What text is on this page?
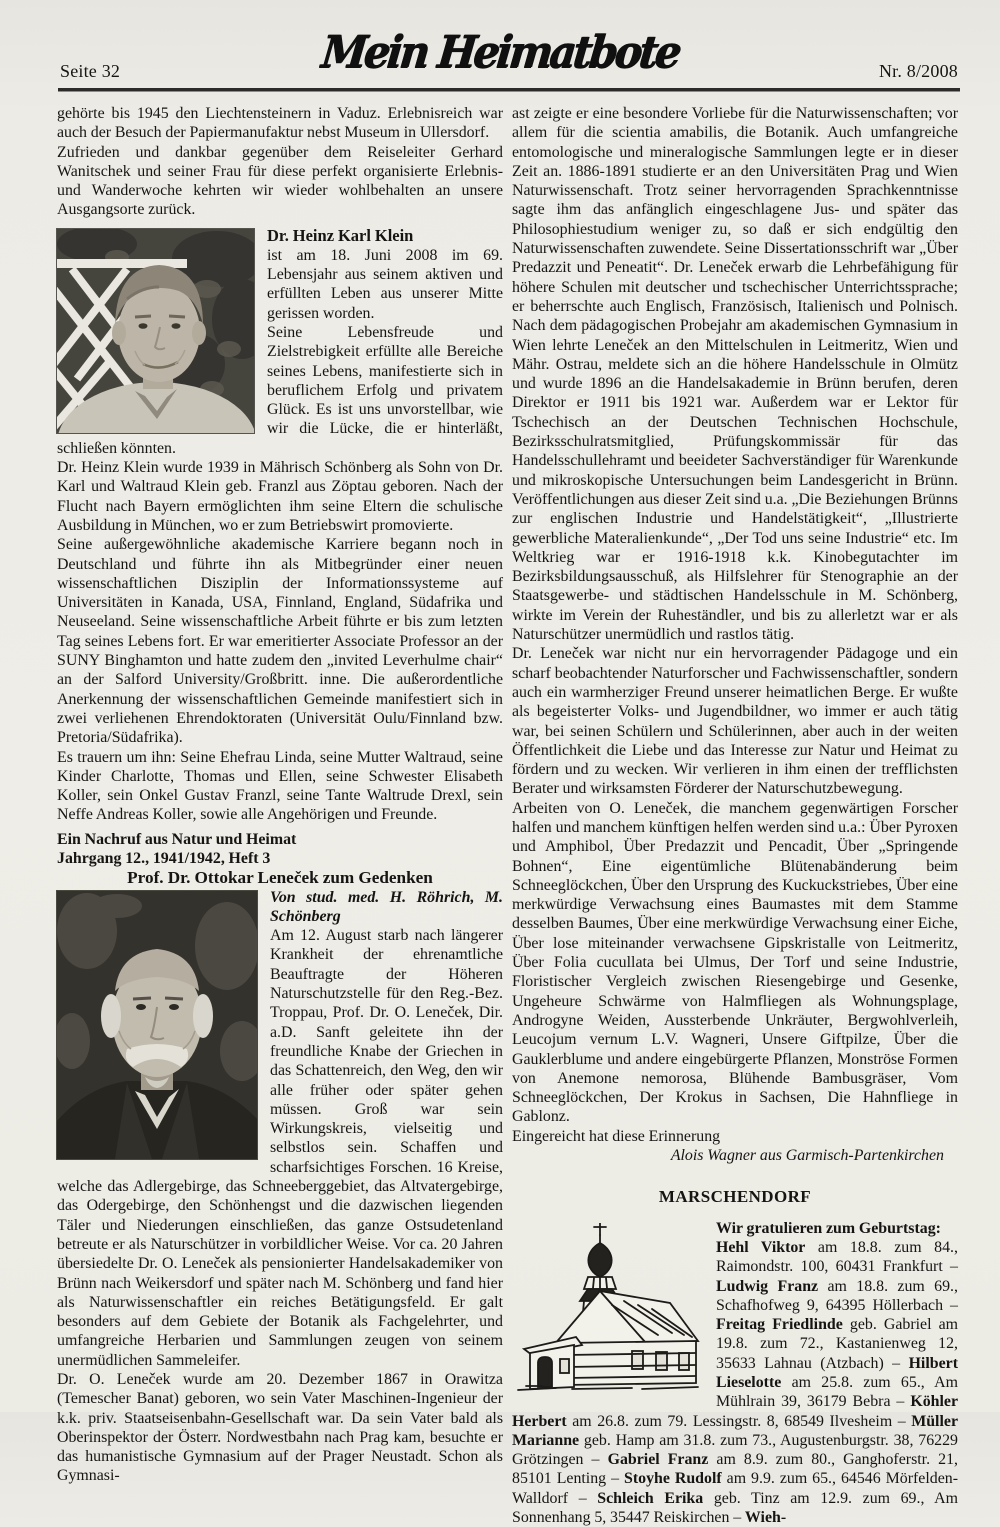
Seite 32	Mein Heimatbote	Nr. 8/2008

gehörte bis 1945 den Liechtensteinern in Vaduz. Erlebnisreich war auch der Besuch der Papiermanufaktur nebst Museum in Ullersdorf.

Zufrieden und dankbar gegenüber dem Reiseleiter Gerhard Wanitschek und seiner Frau für diese perfekt organisierte Erlebnis- und Wanderwoche kehrten wir wieder wohlbehalten an unsere Ausgangsorte zurück.

Dr. Heinz Karl Klein

ist am 18. Juni 2008 im 69. Lebensjahr aus seinem aktiven und erfüllten Leben aus unserer Mitte gerissen worden.

Seine Lebensfreude und Zielstrebigkeit erfüllte alle Bereiche seines Lebens, manifestierte sich in beruflichem Erfolg und privatem Glück. Es ist uns unvorstellbar, wie wir die Lücke, die er hinterläßt, schließen könnten.

Dr. Heinz Klein wurde 1939 in Mährisch Schönberg als Sohn von Dr. Karl und Waltraud Klein geb. Franzl aus Zöptau geboren. Nach der Flucht nach Bayern ermöglichten ihm seine Eltern die schulische Ausbildung in München, wo er zum Betriebswirt promovierte.

Seine außergewöhnliche akademische Karriere begann noch in Deutschland und führte ihn als Mitbegründer einer neuen wissenschaftlichen Disziplin der Informationssysteme auf Universitäten in Kanada, USA, Finnland, England, Südafrika und Neuseeland. Seine wissenschaftliche Arbeit führte er bis zum letzten Tag seines Lebens fort. Er war emeritierter Associate Professor an der SUNY Binghamton und hatte zudem den „invited Leverhulme chair“ an der Salford University/Großbritt. inne. Die außerordentliche Anerkennung der wissenschaftlichen Gemeinde manifestiert sich in zwei verliehenen Ehrendoktoraten (Universität Oulu/Finnland bzw. Pretoria/Südafrika).

Es trauern um ihn: Seine Ehefrau Linda, seine Mutter Waltraud, seine Kinder Charlotte, Thomas und Ellen, seine Schwester Elisabeth Koller, sein Onkel Gustav Franzl, seine Tante Waltrude Drexl, sein Neffe Andreas Koller, sowie alle Angehörigen und Freunde.

Ein Nachruf aus Natur und Heimat

Jahrgang 12., 1941/1942, Heft 3

Prof. Dr. Ottokar Leneček zum Gedenken

Von stud. med. H. Röhrich, M. Schönberg

Am 12. August starb nach längerer Krankheit der ehrenamtliche Beauftragte der Höheren Naturschutzstelle für den Reg.-Bez. Troppau, Prof. Dr. O. Leneček, Dir. a.D. Sanft geleitete ihn der freundliche Knabe der Griechen in das Schattenreich, den Weg, den wir alle früher oder später gehen müssen. Groß war sein Wirkungskreis, vielseitig und selbstlos sein. Schaffen und scharfsichtiges Forschen. 16 Kreise, welche das Adlergebirge, das Schneeberggebiet, das Altvatergebirge, das Odergebirge, den Schönhengst und die dazwischen liegenden Täler und Niederungen einschließen, das ganze Ostsudetenland betreute er als Naturschützer in vorbildlicher Weise. Vor ca. 20 Jahren übersiedelte Dr. O. Leneček als pensionierter Handelsakademiker von Brünn nach Weikersdorf und später nach M. Schönberg und fand hier als Naturwissenschaftler ein reiches Betätigungsfeld. Er galt besonders auf dem Gebiete der Botanik als Fachgelehrter, und umfangreiche Herbarien und Sammlungen zeugen von seinem unermüdlichen Sammeleifer.

Dr. O. Leneček wurde am 20. Dezember 1867 in Orawitza (Temescher Banat) geboren, wo sein Vater Maschinen-Ingenieur der k.k. priv. Staatseisenbahn-Gesellschaft war. Da sein Vater bald als Oberinspektor der Österr. Nordwestbahn nach Prag kam, besuchte er das humanistische Gymnasium auf der Prager Neustadt. Schon als Gymnasi-

ast zeigte er eine besondere Vorliebe für die Naturwissenschaften; vor allem für die scientia amabilis, die Botanik. Auch umfangreiche entomologische und mineralogische Sammlungen legte er in dieser Zeit an. 1886-1891 studierte er an den Universitäten Prag und Wien Naturwissenschaft. Trotz seiner hervorragenden Sprachkenntnisse sagte ihm das anfänglich eingeschlagene Jus- und später das Philosophiestudium weniger zu, so daß er sich endgültig den Naturwissenschaften zuwendete. Seine Dissertationsschrift war „Über Predazzit und Peneatit“. Dr. Leneček erwarb die Lehrbefähigung für höhere Schulen mit deutscher und tschechischer Unterrichtssprache; er beherrschte auch Englisch, Französisch, Italienisch und Polnisch. Nach dem pädagogischen Probejahr am akademischen Gymnasium in Wien lehrte Leneček an den Mittelschulen in Leitmeritz, Wien und Mähr. Ostrau, meldete sich an die höhere Handelsschule in Olmütz und wurde 1896 an die Handelsakademie in Brünn berufen, deren Direktor er 1911 bis 1921 war. Außerdem war er Lektor für Tschechisch an der Deutschen Technischen Hochschule, Bezirksschulratsmitglied, Prüfungskommissär für das Handelsschullehramt und beeideter Sachverständiger für Warenkunde und mikroskopische Untersuchungen beim Landesgericht in Brünn. Veröffentlichungen aus dieser Zeit sind u.a. „Die Beziehungen Brünns zur englischen Industrie und Handelstätigkeit“, „Illustrierte gewerbliche Materalienkunde“, „Der Tod uns seine Industrie“ etc. Im Weltkrieg war er 1916-1918 k.k. Kinobegutachter im Bezirksbildungsausschuß, als Hilfslehrer für Stenographie an der Staatsgewerbe- und städtischen Handelsschule in M. Schönberg, wirkte im Verein der Ruheständler, und bis zu allerletzt war er als Naturschützer unermüdlich und rastlos tätig.

Dr. Leneček war nicht nur ein hervorragender Pädagoge und ein scharf beobachtender Naturforscher und Fachwissenschaftler, sondern auch ein warmherziger Freund unserer heimatlichen Berge. Er wußte als begeisterter Volks- und Jugendbildner, wo immer er auch tätig war, bei seinen Schülern und Schülerinnen, aber auch in der weiten Öffentlichkeit die Liebe und das Interesse zur Natur und Heimat zu fördern und zu wecken. Wir verlieren in ihm einen der trefflichsten Berater und wirksamsten Förderer der Naturschutzbewegung.

Arbeiten von O. Leneček, die manchem gegenwärtigen Forscher halfen und manchem künftigen helfen werden sind u.a.: Über Pyroxen und Amphibol, Über Predazzit und Pencadit, Über „Springende Bohnen“, Eine eigentümliche Blütenabänderung beim Schneeglöckchen, Über den Ursprung des Kuckuckstriebes, Über eine merkwürdige Verwachsung eines Baumastes mit dem Stamme desselben Baumes, Über eine merkwürdige Verwachsung einer Eiche, Über lose miteinander verwachsene Gipskristalle von Leitmeritz, Über Folia cucullata bei Ulmus, Der Torf und seine Industrie, Floristischer Vergleich zwischen Riesengebirge und Gesenke, Ungeheure Schwärme von Halmfliegen als Wohnungsplage, Androgyne Weiden, Aussterbende Unkräuter, Bergwohlverleih, Leucojum vernum L.V. Wagneri, Unsere Giftpilze, Über die Gauklerblume und andere eingebürgerte Pflanzen, Monströse Formen von Anemone nemorosa, Blühende Bambusgräser, Vom Schneeglöckchen, Der Krokus in Sachsen, Die Hahnfliege in Gablonz.

Eingereicht hat diese Erinnerung

Alois Wagner aus Garmisch-Partenkirchen

MARSCHENDORF

Wir gratulieren zum Geburtstag:

Hehl Viktor am 18.8. zum 84., Raimondstr. 100, 60431 Frankfurt – Ludwig Franz am 18.8. zum 69., Schafhofweg 9, 64395 Höllerbach – Freitag Friedlinde geb. Gabriel am 19.8. zum 72., Kastanienweg 12, 35633 Lahnau (Atzbach) – Hilbert Lieselotte am 25.8. zum 65., Am Mühlrain 39, 36179 Bebra – Köhler Herbert am 26.8. zum 79. Lessingstr. 8, 68549 Ilvesheim – Müller Marianne geb. Hamp am 31.8. zum 73., Augustenburgstr. 38, 76229 Grötzingen – Gabriel Franz am 8.9. zum 80., Ganghoferstr. 21, 85101 Lenting – Stoyhe Rudolf am 9.9. zum 65., 64546 Mörfelden-Walldorf – Schleich Erika geb. Tinz am 12.9. zum 69., Am Sonnenhang 5, 35447 Reiskirchen – Wieh-
